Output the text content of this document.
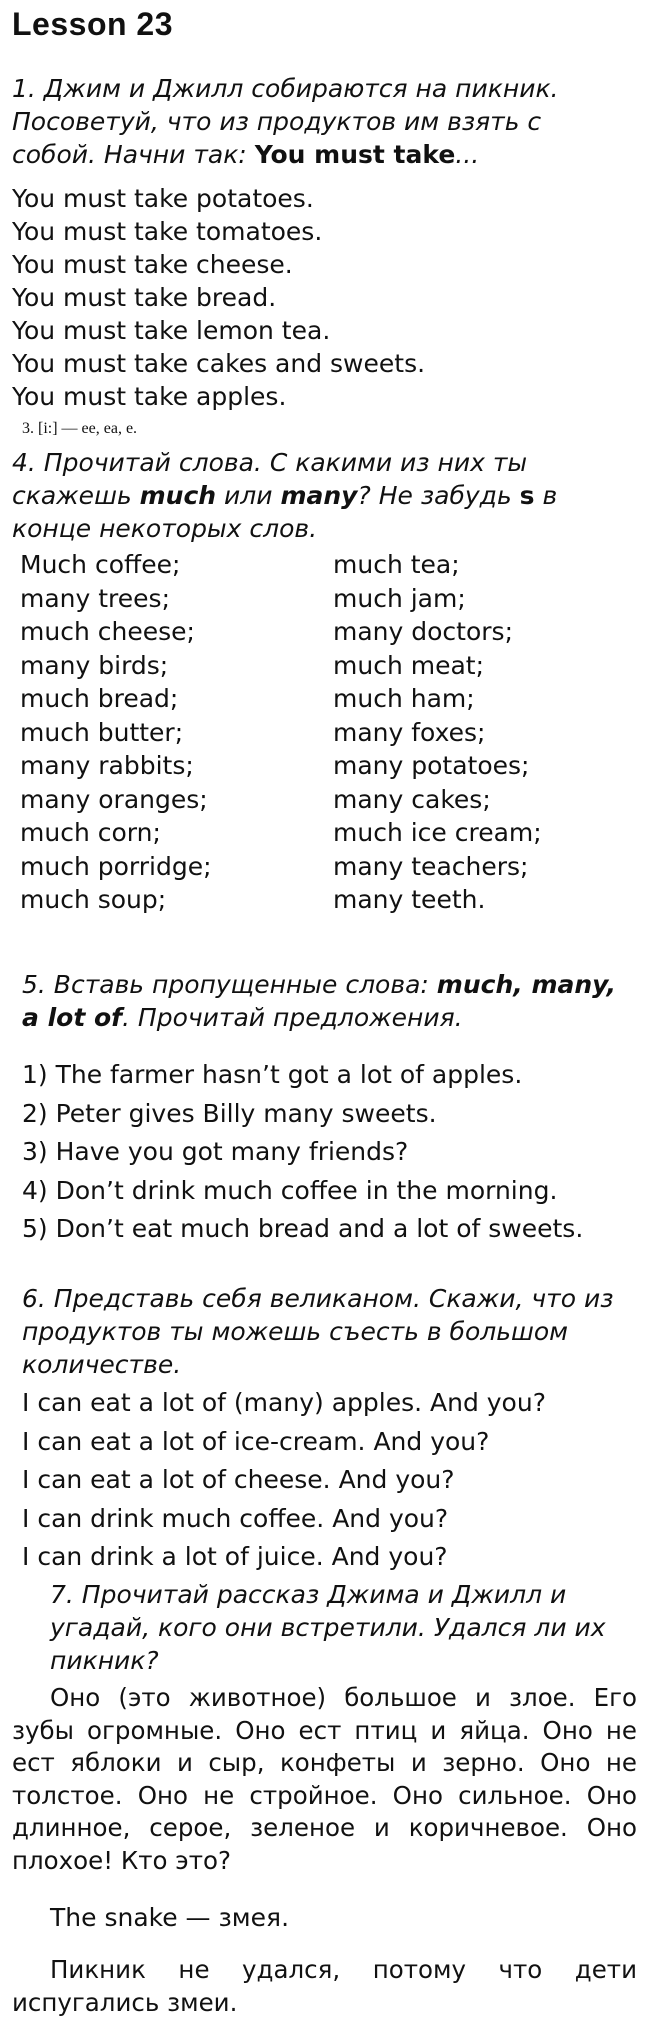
Lesson 23
1. Джим и Джилл собираются на пикник. Посоветуй, что из продуктов им взять с собой. Начни так: You must take...
You must take potatoes.
You must take tomatoes.
You must take cheese.
You must take bread.
You must take lemon tea.
You must take cakes and sweets.
You must take apples.
3. [i:] — ee, ea, e.
4. Прочитай слова. С какими из них ты скажешь much или many? Не забудь s в конце некоторых слов.
Much coffee;
many trees;
much cheese;
many birds;
much bread;
much butter;
many rabbits;
many oranges;
much corn;
much porridge;
much soup;
much tea;
much jam;
many doctors;
much meat;
much ham;
many foxes;
many potatoes;
many cakes;
much ice cream;
many teachers;
many teeth.
5. Вставь пропущенные слова: much, many, a lot of. Прочитай предложения.
1) The farmer hasn’t got a lot of apples.
2) Peter gives Billy many sweets.
3) Have you got many friends?
4) Don’t drink much coffee in the morning.
5) Don’t eat much bread and a lot of sweets.
6. Представь себя великаном. Скажи, что из продуктов ты можешь съесть в большом количестве.
I can eat a lot of (many) apples. And you?
I can eat a lot of ice-cream. And you?
I can eat a lot of cheese. And you?
I can drink much coffee. And you?
I can drink a lot of juice. And you?
7. Прочитай рассказ Джима и Джилл и угадай, кого они встретили. Удался ли их пикник?
Оно (это животное) большое и злое. Его зубы огромные. Оно ест птиц и яйца. Оно не ест яблоки и сыр, конфеты и зерно. Оно не толстое. Оно не стройное. Оно сильное. Оно длинное, серое, зеленое и коричневое. Оно плохое! Кто это?
The snake — змея.
Пикник не удался, потому что дети испугались змеи.
